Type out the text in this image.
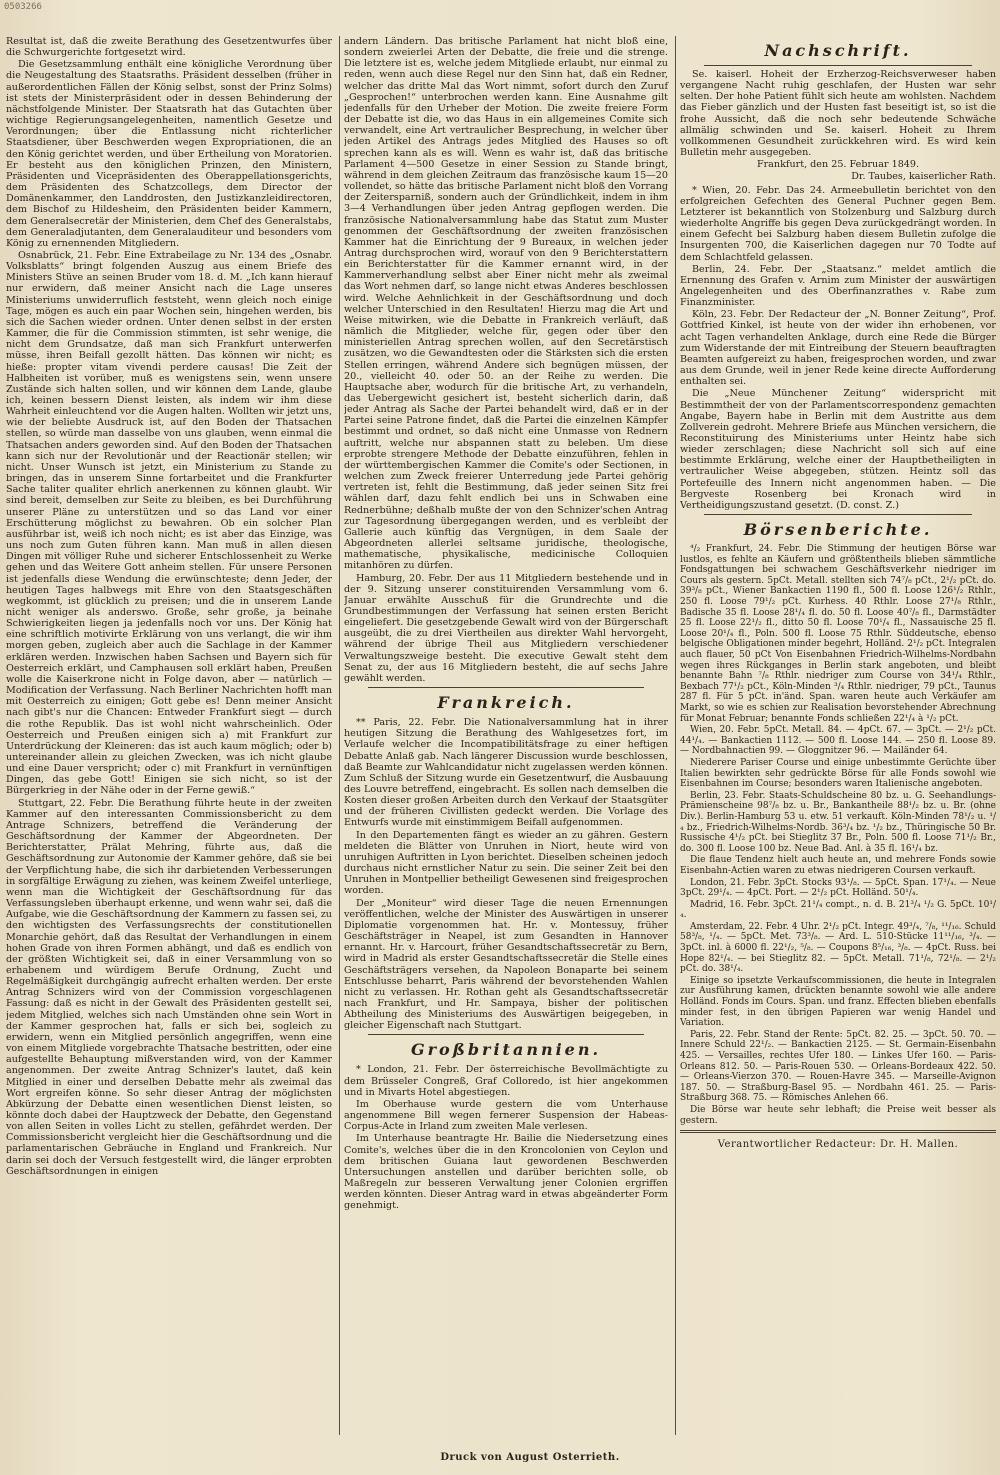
0503266

Resultat ist, daß die zweite Berathung des Gesetzentwurfes über die Schwurgerichte fortgesetzt wird.

Die Gesetzsammlung enthält eine königliche Verordnung über die Neugestaltung des Staatsraths. Präsident desselben (früher in außerordentlichen Fällen der König selbst, sonst der Prinz Solms) ist stets der Ministerpräsident oder in dessen Behinderung der nächstfolgende Minister. Der Staatsrath hat das Gutachten über wichtige Regierungsangelegenheiten, namentlich Gesetze und Verordnungen; über die Entlassung nicht richterlicher Staatsdiener, über Beschwerden wegen Expropriationen, die an den König gerichtet werden, und über Ertheilung von Moratorien. Er besteht aus den königlichen Prinzen, den Ministern, Präsidenten und Vicepräsidenten des Oberappellationsgerichts, dem Präsidenten des Schatzcollegs, dem Director der Domänenkammer, den Landdrosten, den Justizkanzleidirectoren, dem Bischof zu Hildesheim, den Präsidenten beider Kammern, dem Generalsecretär der Ministerien, dem Chef des Generalstabs, dem Generaladjutanten, dem Generalauditeur und besonders vom König zu ernennenden Mitgliedern.

Osnabrück, 21. Febr. Eine Extrabeilage zu Nr. 134 des „Osnabr. Volksblatts“ bringt folgenden Auszug aus einem Briefe des Ministers Stüve an seinen Bruder vom 18. d. M. „Ich kann hierauf nur erwidern, daß meiner Ansicht nach die Lage unseres Ministeriums unwiderruflich feststeht, wenn gleich noch einige Tage, mögen es auch ein paar Wochen sein, hingehen werden, bis sich die Sachen wieder ordnen. Unter denen selbst in der ersten Kammer, die für die Commission stimmten, ist sehr wenige, die nicht dem Grundsatze, daß man sich Frankfurt unterwerfen müsse, ihren Beifall gezollt hätten. Das können wir nicht; es hieße: propter vitam vivendi perdere causas! Die Zeit der Halbheiten ist vorüber, muß es wenigstens sein, wenn unsere Zustände sich halten sollen, und wir können dem Lande, glaube ich, keinen bessern Dienst leisten, als indem wir ihm diese Wahrheit einleuchtend vor die Augen halten. Wollten wir jetzt uns, wie der beliebte Ausdruck ist, auf den Boden der Thatsachen stellen, so würde man dasselbe von uns glauben, wenn einmal die Thatsachen anders geworden sind. Auf den Boden der Thatsachen kann sich nur der Revolutionär und der Reactionär stellen; wir nicht. Unser Wunsch ist jetzt, ein Ministerium zu Stande zu bringen, das in unserem Sinne fortarbeitet und die Frankfurter Sache taliter qualiter ehrlich anerkennen zu können glaubt. Wir sind bereit, demselben zur Seite zu bleiben, es bei Durchführung unserer Pläne zu unterstützen und so das Land vor einer Erschütterung möglichst zu bewahren. Ob ein solcher Plan ausführbar ist, weiß ich noch nicht; es ist aber das Einzige, was uns noch zum Guten führen kann. Man muß in allen diesen Dingen mit völliger Ruhe und sicherer Entschlossenheit zu Werke gehen und das Weitere Gott anheim stellen. Für unsere Personen ist jedenfalls diese Wendung die erwünschteste; denn Jeder, der heutigen Tages halbwegs mit Ehre von den Staatsgeschäften wegkommt, ist glücklich zu preisen; und die in unserem Lande nicht weniger als anderswo. Große, sehr große, ja beinahe Schwierigkeiten liegen ja jedenfalls noch vor uns. Der König hat eine schriftlich motivirte Erklärung von uns verlangt, die wir ihm morgen geben, zugleich aber auch die Sachlage in der Kammer erklären werden. Inzwischen haben Sachsen und Bayern sich für Oesterreich erklärt, und Camphausen soll erklärt haben, Preußen wolle die Kaiserkrone nicht in Folge davon, aber — natürlich — Modification der Verfassung. Nach Berliner Nachrichten hofft man mit Oesterreich zu einigen; Gott gebe es! Denn meiner Ansicht nach gibt's nur die Chancen: Entweder Frankfurt siegt — durch die rothe Republik. Das ist wohl nicht wahrscheinlich. Oder Oesterreich und Preußen einigen sich a) mit Frankfurt zur Unterdrückung der Kleineren: das ist auch kaum möglich; oder b) untereinander allein zu gleichen Zwecken, was ich nicht glaube und eine Dauer verspricht; oder c) mit Frankfurt in vernünftigen Dingen, das gebe Gott! Einigen sie sich nicht, so ist der Bürgerkrieg in der Nähe oder in der Ferne gewiß.“

Stuttgart, 22. Febr. Die Berathung führte heute in der zweiten Kammer auf den interessanten Commissionsbericht zu dem Antrage Schnizers, betreffend die Veränderung der Geschäftsordnung der Kammer der Abgeordneten. Der Berichterstatter, Prälat Mehring, führte aus, daß die Geschäftsordnung zur Autonomie der Kammer gehöre, daß sie bei der Verpflichtung habe, die sich ihr darbietenden Verbesserungen in sorgfältige Erwägung zu ziehen, was keinem Zweifel unterliege, wenn man die Wichtigkeit der Geschäftsordnung für das Verfassungsleben überhaupt erkenne, und wenn wahr sei, daß die Aufgabe, wie die Geschäftsordnung der Kammern zu fassen sei, zu den wichtigsten des Verfassungsrechts der constitutionellen Monarchie gehört, daß das Resultat der Verhandlungen in einem hohen Grade von ihren Formen abhängt, und daß es endlich von der größten Wichtigkeit sei, daß in einer Versammlung von so erhabenem und würdigem Berufe Ordnung, Zucht und Regelmäßigkeit durchgängig aufrecht erhalten werden. Der erste Antrag Schnizers wird von der Commission vorgeschlagenen Fassung: daß es nicht in der Gewalt des Präsidenten gestellt sei, jedem Mitglied, welches sich nach Umständen ohne sein Wort in der Kammer gesprochen hat, falls er sich bei, sogleich zu erwidern, wenn ein Mitglied persönlich angegriffen, wenn eine von einem Mitgliede vorgebrachte Thatsache bestritten, oder eine aufgestellte Behauptung mißverstanden wird, von der Kammer angenommen. Der zweite Antrag Schnizer's lautet, daß kein Mitglied in einer und derselben Debatte mehr als zweimal das Wort ergreifen könne. So sehr dieser Antrag der möglichsten Abkürzung der Debatte einen wesentlichen Dienst leisten, so könnte doch dabei der Hauptzweck der Debatte, den Gegenstand von allen Seiten in volles Licht zu stellen, gefährdet werden. Der Commissionsbericht vergleicht hier die Geschäftsordnung und die parlamentarischen Gebräuche in England und Frankreich. Nur darin sei doch der Versuch festgestellt wird, die länger erprobten Geschäftsordnungen in einigen

andern Ländern. Das britische Parlament hat nicht bloß eine, sondern zweierlei Arten der Debatte, die freie und die strenge. Die letztere ist es, welche jedem Mitgliede erlaubt, nur einmal zu reden, wenn auch diese Regel nur den Sinn hat, daß ein Redner, welcher das dritte Mal das Wort nimmt, sofort durch den Zuruf „Gesprochen!“ unterbrochen werden kann. Eine Ausnahme gilt jedenfalls für den Urheber der Motion. Die zweite freiere Form der Debatte ist die, wo das Haus in ein allgemeines Comite sich verwandelt, eine Art vertraulicher Besprechung, in welcher über jeden Artikel des Antrags jedes Mitglied des Hauses so oft sprechen kann als es will. Wenn es wahr ist, daß das britische Parlament 4—500 Gesetze in einer Session zu Stande bringt, während in dem gleichen Zeitraum das französische kaum 15—20 vollendet, so hätte das britische Parlament nicht bloß den Vorrang der Zeitersparniß, sondern auch der Gründlichkeit, indem in ihm 3—4 Verhandlungen über jeden Antrag gepflogen werden. Die französische Nationalversammlung habe das Statut zum Muster genommen der Geschäftsordnung der zweiten französischen Kammer hat die Einrichtung der 9 Bureaux, in welchen jeder Antrag durchsprochen wird, worauf von den 9 Berichterstattern ein Berichterstatter für die Kammer ernannt wird, in der Kammerverhandlung selbst aber Einer nicht mehr als zweimal das Wort nehmen darf, so lange nicht etwas Anderes beschlossen wird. Welche Aehnlichkeit in der Geschäftsordnung und doch welcher Unterschied in den Resultaten! Hierzu mag die Art und Weise mitwirken, wie die Debatte in Frankreich verläuft, daß nämlich die Mitglieder, welche für, gegen oder über den ministeriellen Antrag sprechen wollen, auf den Secretärstisch zusätzen, wo die Gewandtesten oder die Stärksten sich die ersten Stellen erringen, während Andere sich begnügen müssen, der 20., vielleicht 40. oder 50. an der Reihe zu werden. Die Hauptsache aber, wodurch für die britische Art, zu verhandeln, das Uebergewicht gesichert ist, besteht sicherlich darin, daß jeder Antrag als Sache der Partei behandelt wird, daß er in der Partei seine Patrone findet, daß die Partei die einzelnen Kämpfer bestimmt und ordnet, so daß nicht eine Unmasse von Rednern auftritt, welche nur abspannen statt zu beleben. Um diese erprobte strengere Methode der Debatte einzuführen, fehlen in der württembergischen Kammer die Comite's oder Sectionen, in welchen zum Zweck freierer Unterredung jede Partei gehörig vertreten ist, fehlt die Bestimmung, daß jeder seinen Sitz frei wählen darf, dazu fehlt endlich bei uns in Schwaben eine Rednerbühne; deßhalb mußte der von den Schnizer'schen Antrag zur Tagesordnung übergegangen werden, und es verbleibt der Gallerie auch künftig das Vergnügen, in dem Saale der Abgeordneten allerlei seltsame juridische, theologische, mathematische, physikalische, medicinische Colloquien mitanhören zu dürfen.

Hamburg, 20. Febr. Der aus 11 Mitgliedern bestehende und in der 9. Sitzung unserer constituirenden Versammlung vom 6. Januar erwählte Ausschuß für die Grundrechte und die Grundbestimmungen der Verfassung hat seinen ersten Bericht eingeliefert. Die gesetzgebende Gewalt wird von der Bürgerschaft ausgeübt, die zu drei Viertheilen aus direkter Wahl hervorgeht, während der übrige Theil aus Mitgliedern verschiedener Verwaltungszweige besteht. Die executive Gewalt steht dem Senat zu, der aus 16 Mitgliedern besteht, die auf sechs Jahre gewählt werden.

Frankreich.

** Paris, 22. Febr. Die Nationalversammlung hat in ihrer heutigen Sitzung die Berathung des Wahlgesetzes fort, im Verlaufe welcher die Incompatibilitätsfrage zu einer heftigen Debatte Anlaß gab. Nach längerer Discussion wurde beschlossen, daß Beamte zur Wahlcandidatur nicht zugelassen werden können. Zum Schluß der Sitzung wurde ein Gesetzentwurf, die Ausbauung des Louvre betreffend, eingebracht. Es sollen nach demselben die Kosten dieser großen Arbeiten durch den Verkauf der Staatsgüter und der früheren Civillisten gedeckt werden. Die Vorlage des Entwurfs wurde mit einstimmigem Beifall aufgenommen.

In den Departementen fängt es wieder an zu gähren. Gestern meldeten die Blätter von Unruhen in Niort, heute wird von unruhigen Auftritten in Lyon berichtet. Dieselben scheinen jedoch durchaus nicht ernstlicher Natur zu sein. Die seiner Zeit bei den Unruhen in Montpellier betheiligt Gewesenen sind freigesprochen worden.

Der „Moniteur“ wird dieser Tage die neuen Ernennungen veröffentlichen, welche der Minister des Auswärtigen in unserer Diplomatie vorgenommen hat. Hr. v. Montessuy, früher Geschäftsträger in Neapel, ist zum Gesandten in Hannover ernannt. Hr. v. Harcourt, früher Gesandtschaftssecretär zu Bern, wird in Madrid als erster Gesandtschaftssecretär die Stelle eines Geschäftsträgers versehen, da Napoleon Bonaparte bei seinem Entschlusse beharrt, Paris während der bevorstehenden Wahlen nicht zu verlassen. Hr. Rothan geht als Gesandtschaftssecretär nach Frankfurt, und Hr. Sampaya, bisher der politischen Abtheilung des Ministeriums des Auswärtigen beigegeben, in gleicher Eigenschaft nach Stuttgart.

Großbritannien.

* London, 21. Febr. Der österreichische Bevollmächtigte zu dem Brüsseler Congreß, Graf Colloredo, ist hier angekommen und in Mivarts Hotel abgestiegen.

Im Oberhause wurde gestern die vom Unterhause angenommene Bill wegen fernerer Suspension der Habeas-Corpus-Acte in Irland zum zweiten Male verlesen.

Im Unterhause beantragte Hr. Bailie die Niedersetzung eines Comite's, welches über die in den Kroncolonien von Ceylon und dem britischen Guiana laut gewordenen Beschwerden Untersuchungen anstellen und darüber berichten solle, ob Maßregeln zur besseren Verwaltung jener Colonien ergriffen werden könnten. Dieser Antrag ward in etwas abgeänderter Form genehmigt.

Nachschrift.

Se. kaiserl. Hoheit der Erzherzog-Reichsverweser haben vergangene Nacht ruhig geschlafen, der Husten war sehr selten. Der hohe Patient fühlt sich heute am wohlsten. Nachdem das Fieber gänzlich und der Husten fast beseitigt ist, so ist die frohe Aussicht, daß die noch sehr bedeutende Schwäche allmälig schwinden und Se. kaiserl. Hoheit zu Ihrem vollkommenen Gesundheit zurückkehren wird. Es wird kein Bulletin mehr ausgegeben.

Frankfurt, den 25. Februar 1849.
Dr. Taubes, kaiserlicher Rath.

* Wien, 20. Febr. Das 24. Armeebulletin berichtet von den erfolgreichen Gefechten des General Puchner gegen Bem. Letzterer ist bekanntlich von Stolzenburg und Salzburg durch wiederholte Angriffe bis gegen Deva zurückgedrängt worden. In einem Gefecht bei Salzburg haben diesem Bulletin zufolge die Insurgenten 700, die Kaiserlichen dagegen nur 70 Todte auf dem Schlachtfeld gelassen.

Berlin, 24. Febr. Der „Staatsanz.“ meldet amtlich die Ernennung des Grafen v. Arnim zum Minister der auswärtigen Angelegenheiten und des Oberfinanzrathes v. Rabe zum Finanzminister.

Köln, 23. Febr. Der Redacteur der „N. Bonner Zeitung“, Prof. Gottfried Kinkel, ist heute von der wider ihn erhobenen, vor acht Tagen verhandelten Anklage, durch eine Rede die Bürger zum Widerstande der mit Eintreibung der Steuern beauftragten Beamten aufgereizt zu haben, freigesprochen worden, und zwar aus dem Grunde, weil in jener Rede keine directe Aufforderung enthalten sei.

Die „Neue Münchener Zeitung“ widerspricht mit Bestimmtheit der von der Parlamentscorrespondenz gemachten Angabe, Bayern habe in Berlin mit dem Austritte aus dem Zollverein gedroht. Mehrere Briefe aus München versichern, die Reconstituirung des Ministeriums unter Heintz habe sich wieder zerschlagen; diese Nachricht soll sich auf eine bestimmte Erklärung, welche einer der Hauptbetheiligten in vertraulicher Weise abgegeben, stützen. Heintz soll das Portefeuille des Innern nicht angenommen haben. — Die Bergveste Rosenberg bei Kronach wird in Vertheidigungszustand gesetzt. (D. const. Z.)

Börsenberichte.

⁴/₂ Frankfurt, 24. Febr. Die Stimmung der heutigen Börse war lustlos, es fehlte an Käufern und größtentheils blieben sämmtliche Fondsgattungen bei schwachem Geschäftsverkehr niedriger im Cours als gestern. 5pCt. Metall. stellten sich 74⁷/₈ pCt., 2¹/₂ pCt. do. 39³/₈ pCt., Wiener Bankactien 1190 fl., 500 fl. Loose 126¹/₂ Rthlr., 250 fl. Loose 79¹/₂ pCt. Kurhess. 40 Rthlr. Loose 27¹/₈ Rthlr., Badische 35 fl. Loose 28¹/₄ fl. do. 50 fl. Loose 40⁷/₈ fl., Darmstädter 25 fl. Loose 22¹/₂ fl., ditto 50 fl. Loose 70¹/₄ fl., Nassauische 25 fl. Loose 20¹/₄ fl., Poln. 500 fl. Loose 75 Rthlr. Süddeutsche, ebenso belgische Obligationen minder begehrt, Holländ. 2¹/₂ pCt. Integralen auch flauer, 50 pCt Von Eisenbahnen Friedrich-Wilhelms-Nordbahn wegen ihres Rückganges in Berlin stark angeboten, und bleibt benannte Bahn ⁷/₈ Rthlr. niedriger zum Course von 34¹/₄ Rthlr., Bexbach 77¹/₂ pCt., Köln-Minden ³/₄ Rthlr. niedriger, 79 pCt., Taunus 287 fl. Für 5 pCt. in'änd. Span. waren heute auch Verkäufer am Markt, so wie es schien zur Realisation bevorstehender Abrechnung für Monat Februar; benannte Fonds schließen 22¹/₄ à ¹/₂ pCt.

Wien, 20. Febr. 5pCt. Metall. 84. — 4pCt. 67. — 3pCt. — 2¹/₂ pCt. 44¹/₄. — Bankactien 1112. — 500 fl. Loose 144. — 250 fl. Loose 89. — Nordbahnactien 99. — Gloggnitzer 96. — Mailänder 64.

Niederere Pariser Course und einige unbestimmte Gerüchte über Italien bewirkten sehr gedrückte Börse für alle Fonds sowohl wie Eisenbahnen im Course; besonders waren Italienische angeboten.

Berlin, 23. Febr. Staats-Schuldscheine 80 bz. u. G. Seehandlungs-Prämienscheine 98⁷/₈ bz. u. Br., Bankantheile 88¹/₂ bz. u. Br. (ohne Div.). Berlin-Hamburg 53 u. etw. 51 verkauft. Köln-Minden 78¹/₂ u. ¹/₄ bz., Friedrich-Wilhelms-Nordb. 36³/₄ bz. ¹/₂ bz., Thüringische 50 Br. Russische 4¹/₂ pCt. bei Stieglitz 37 Br., Poln. 500 fl. Loose 71¹/₂ Br., do. 300 fl. Loose 100 bz. Neue Bad. Anl. à 35 fl. 16¹/₄ bz.

Die flaue Tendenz hielt auch heute an, und mehrere Fonds sowie Eisenbahn-Actien waren zu etwas niedrigeren Coursen verkauft.

London, 21. Febr. 3pCt. Stocks 93¹/₈. — 5pCt. Span. 17¹/₄. — Neue 3pCt. 29¹/₄. — 4pCt. Port. — 2¹/₂ pCt. Holländ. 50¹/₄.

Madrid, 16. Febr. 3pCt. 21¹/₄ compt., n. d. B. 21³/₄ ¹/₂ G. 5pCt. 10¹/₄.

Amsterdam, 22. Febr. 4 Uhr. 2¹/₂ pCt. Integr. 49³/₄, ⁷/₈, ¹¹/₁₆. Schuld 58³/₈, ¹/₄. — 5pCt. Met. 73³/₈. — Ard. L. 510-Stücke 11¹¹/₁₆, ³/₄. — 3pCt. inl. à 6000 fl. 22¹/₂, ⁵/₈. — Coupons 8⁵/₁₆, ³/₈. — 4pCt. Russ. bei Hope 82¹/₄. — bei Stieglitz 82. — 5pCt. Metall. 71¹/₈, 72¹/₈. — 2¹/₂ pCt. do. 38¹/₄.

Einige so ipsetzte Verkaufscommissionen, die heute in Integralen zur Ausführung kamen, drückten benannte sowohl wie alle andere Holländ. Fonds im Cours. Span. und franz. Effecten blieben ebenfalls minder fest, in den übrigen Papieren war wenig Handel und Variation.

Paris, 22. Febr. Stand der Rente: 5pCt. 82. 25. — 3pCt. 50. 70. — Innere Schuld 22¹/₂. — Bankactien 2125. — St. Germain-Eisenbahn 425. — Versailles, rechtes Ufer 180. — Linkes Ufer 160. — Paris-Orleans 812. 50. — Paris-Rouen 530. — Orleans-Bordeaux 422. 50. — Orleans-Vierzon 370. — Rouen-Havre 345. — Marseille-Avignon 187. 50. — Straßburg-Basel 95. — Nordbahn 461. 25. — Paris-Straßburg 368. 75. — Römisches Anlehen 66.

Die Börse war heute sehr lebhaft; die Preise weit besser als gestern.

Verantwortlicher Redacteur: Dr. H. Mallen.
Druck von August Osterrieth.
